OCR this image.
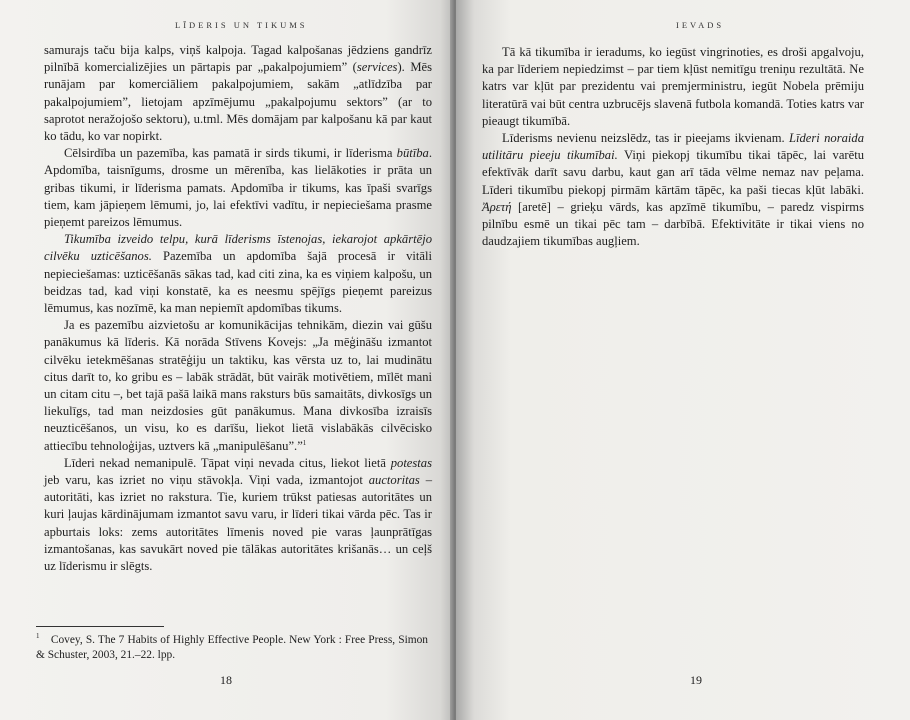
LĪDERIS UN TIKUMS

samurajs taču bija kalps, viņš kalpoja. Tagad kalpošanas jēdziens gandrīz pilnībā komercializējies un pārtapis par „pakalpojumiem” (services). Mēs runājam par komerciāliem pakalpojumiem, sakām „atlīdzība par pakalpojumiem”, lietojam apzīmējumu „pakalpojumu sektors” (ar to saprotot neražojošo sektoru), u.tml. Mēs domājam par kalpošanu kā par kaut ko tādu, ko var nopirkt.

Cēlsirdība un pazemība, kas pamatā ir sirds tikumi, ir līderisma būtība. Apdomība, taisnīgums, drosme un mērenība, kas lielākoties ir prāta un gribas tikumi, ir līderisma pamats. Apdomība ir tikums, kas īpaši svarīgs tiem, kam jāpieņem lēmumi, jo, lai efektīvi vadītu, ir nepieciešama prasme pieņemt pareizos lēmumus.

Tikumība izveido telpu, kurā līderisms īstenojas, iekarojot apkārtējo cilvēku uzticēšanos. Pazemība un apdomība šajā procesā ir vitāli nepieciešamas: uzticēšanās sākas tad, kad citi zina, ka es viņiem kalpošu, un beidzas tad, kad viņi konstatē, ka es neesmu spējīgs pieņemt pareizus lēmumus, kas nozīmē, ka man nepiemīt apdomības tikums.

Ja es pazemību aizvietošu ar komunikācijas tehnikām, diezin vai gūšu panākumus kā līderis. Kā norāda Stīvens Kovejs: „Ja mēģināšu izmantot cilvēku ietekmēšanas stratēģiju un taktiku, kas vērsta uz to, lai mudinātu citus darīt to, ko gribu es – labāk strādāt, būt vairāk motivētiem, mīlēt mani un citam citu –, bet tajā pašā laikā mans raksturs būs samaitāts, divkosīgs un liekulīgs, tad man neizdosies gūt panākumus. Mana divkosība izraisīs neuzticēšanos, un visu, ko es darīšu, liekot lietā vislabākās cilvēcisko attiecību tehnoloģijas, uztvers kā „manipulēšanu”.”$^1$

Līderi nekad nemanipulē. Tāpat viņi nevada citus, liekot lietā potestas jeb varu, kas izriet no viņu stāvokļa. Viņi vada, izmantojot auctoritas – autoritāti, kas izriet no rakstura. Tie, kuriem trūkst patiesas autoritātes un kuri ļaujas kārdinājumam izmantot savu varu, ir līderi tikai vārda pēc. Tas ir apburtais loks: zems autoritātes līmenis noved pie varas ļaunprātīgas izmantošanas, kas savukārt noved pie tālākas autoritātes krišanās… un ceļš uz līderismu ir slēgts.

$^1$  Covey, S. The 7 Habits of Highly Effective People. New York : Free Press, Simon & Schuster, 2003, 21.–22. lpp.
18
IEVADS

Tā kā tikumība ir ieradums, ko iegūst vingrinoties, es droši apgalvoju, ka par līderiem nepiedzimst – par tiem kļūst nemitīgu treniņu rezultātā. Ne katrs var kļūt par prezidentu vai premjerministru, iegūt Nobela prēmiju literatūrā vai būt centra uzbrucējs slavenā futbola komandā. Toties katrs var pieaugt tikumībā.

Līderisms nevienu neizslēdz, tas ir pieejams ikvienam. Līderi noraida utilitāru pieeju tikumībai. Viņi piekopj tikumību tikai tāpēc, lai varētu efektīvāk darīt savu darbu, kaut gan arī tāda vēlme nemaz nav peļama. Līderi tikumību piekopj pirmām kārtām tāpēc, ka paši tiecas kļūt labāki. Ἀρετή [aretē] – grieķu vārds, kas apzīmē tikumību, – paredz vispirms pilnību esmē un tikai pēc tam – darbībā. Efektivitāte ir tikai viens no daudzajiem tikumības augļiem.

19
